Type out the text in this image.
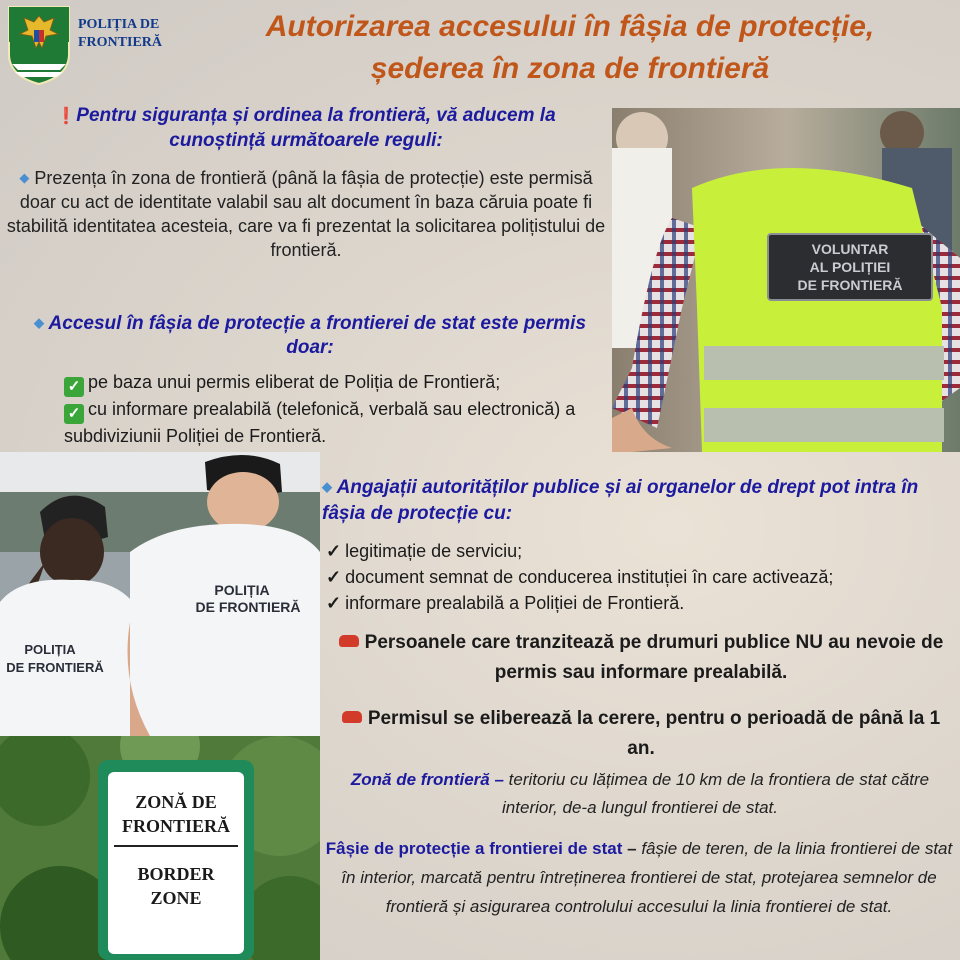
POLIȚIA DE
FRONTIERĂ	Autorizarea accesului în fâșia de protecție,
șederea în zona de frontieră
❗Pentru siguranța și ordinea la frontieră, vă aducem la cunoștință următoarele reguli:
◆ Prezența în zona de frontieră (până la fâșia de protecție) este permisă doar cu act de identitate valabil sau alt document în baza căruia poate fi stabilită identitatea acesteia, care va fi prezentat la solicitarea polițistului de frontieră.
◆ Accesul în fâșia de protecție a frontierei de stat este permis doar:
✓ pe baza unui permis eliberat de Poliția de Frontieră;
✓ cu informare prealabilă (telefonică, verbală sau electronică) a subdiviziunii Poliției de Frontieră.
VOLUNTAR
AL POLIȚIEI
DE FRONTIERĂ
POLIȚIA
DE FRONTIERĂ
POLIȚIA
DE FRONTIERĂ
ZONĂ DE
FRONTIERĂ
BORDER
ZONE
◆ Angajații autorităților publice și ai organelor de drept pot intra în fâșia de protecție cu:
✓ legitimație de serviciu;
✓ document semnat de conducerea instituției în care activează;
✓ informare prealabilă a Poliției de Frontieră.
Persoanele care tranzitează pe drumuri publice NU au nevoie de permis sau informare prealabilă.
Permisul se eliberează la cerere, pentru o perioadă de până la 1 an.
Zonă de frontieră – teritoriu cu lățimea de 10 km de la frontiera de stat către interior, de-a lungul frontierei de stat.
Fâșie de protecție a frontierei de stat – fâșie de teren, de la linia frontierei de stat în interior, marcată pentru întreținerea frontierei de stat, protejarea semnelor de frontieră și asigurarea controlului accesului la linia frontierei de stat.
